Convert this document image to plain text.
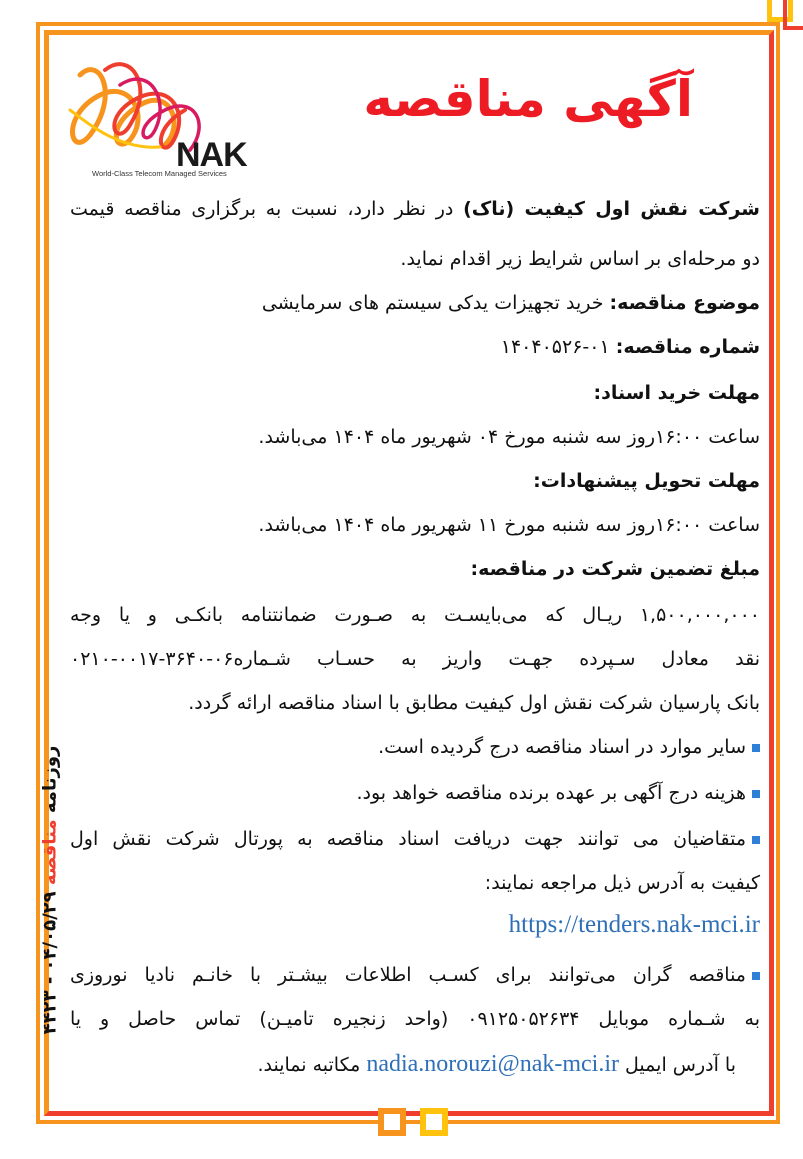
NAK
World-Class Telecom Managed Services
آگهی مناقصه
شرکت نقش اول کیفیت (ناک) در نظر دارد، نسبت به برگزاری مناقصه قیمت
دو مرحله‌ای بر اساس شرایط زیر اقدام نماید.
موضوع مناقصه: خرید تجهیزات یدکی سیستم های سرمایشی
شماره مناقصه: ۰۱-۱۴۰۴۰۵۲۶
مهلت خرید اسناد:
ساعت ۱۶:۰۰روز سه شنبه مورخ ۰۴ شهریور ماه ۱۴۰۴ می‌باشد.
مهلت تحویل پیشنهادات:
ساعت ۱۶:۰۰روز سه شنبه مورخ ۱۱ شهریور ماه ۱۴۰۴ می‌باشد.
مبلغ تضمین شرکت در مناقصه:
۱,۵۰۰,۰۰۰,۰۰۰ ریـال که می‌بایسـت به صـورت ضمانتنامه بانکـی و یا وجه
نقد معادل سـپرده جهـت واریز به حسـاب شـماره۰۶-۳۶۴۰-۰۰۱۷-۰۲۱۰
بانک پارسیان شرکت نقش اول کیفیت مطابق با اسناد مناقصه ارائه گردد.
سایر موارد در اسناد مناقصه درج گردیده است.
هزینه درج آگهی بر عهده برنده مناقصه خواهد بود.
متقاضیان می توانند جهت دریافت اسناد مناقصه به پورتال شرکت نقش اول
کیفیت به آدرس ذیل مراجعه نمایند:
https://tenders.nak-mci.ir
مناقصه گران می‌توانند برای کسـب اطلاعات بیشـتر با خانـم نادیا نوروزی
به شـماره موبایل ۰۹۱۲۵۰۵۲۶۳۴ (واحد زنجیره تامیـن) تماس حاصل و یا
با آدرس ایمیل nadia.norouzi@nak-mci.ir مکاتبه نمایند.
روزنامه مناقصه ۴۴۲۳ - ۰۴/۰۵/۲۹
